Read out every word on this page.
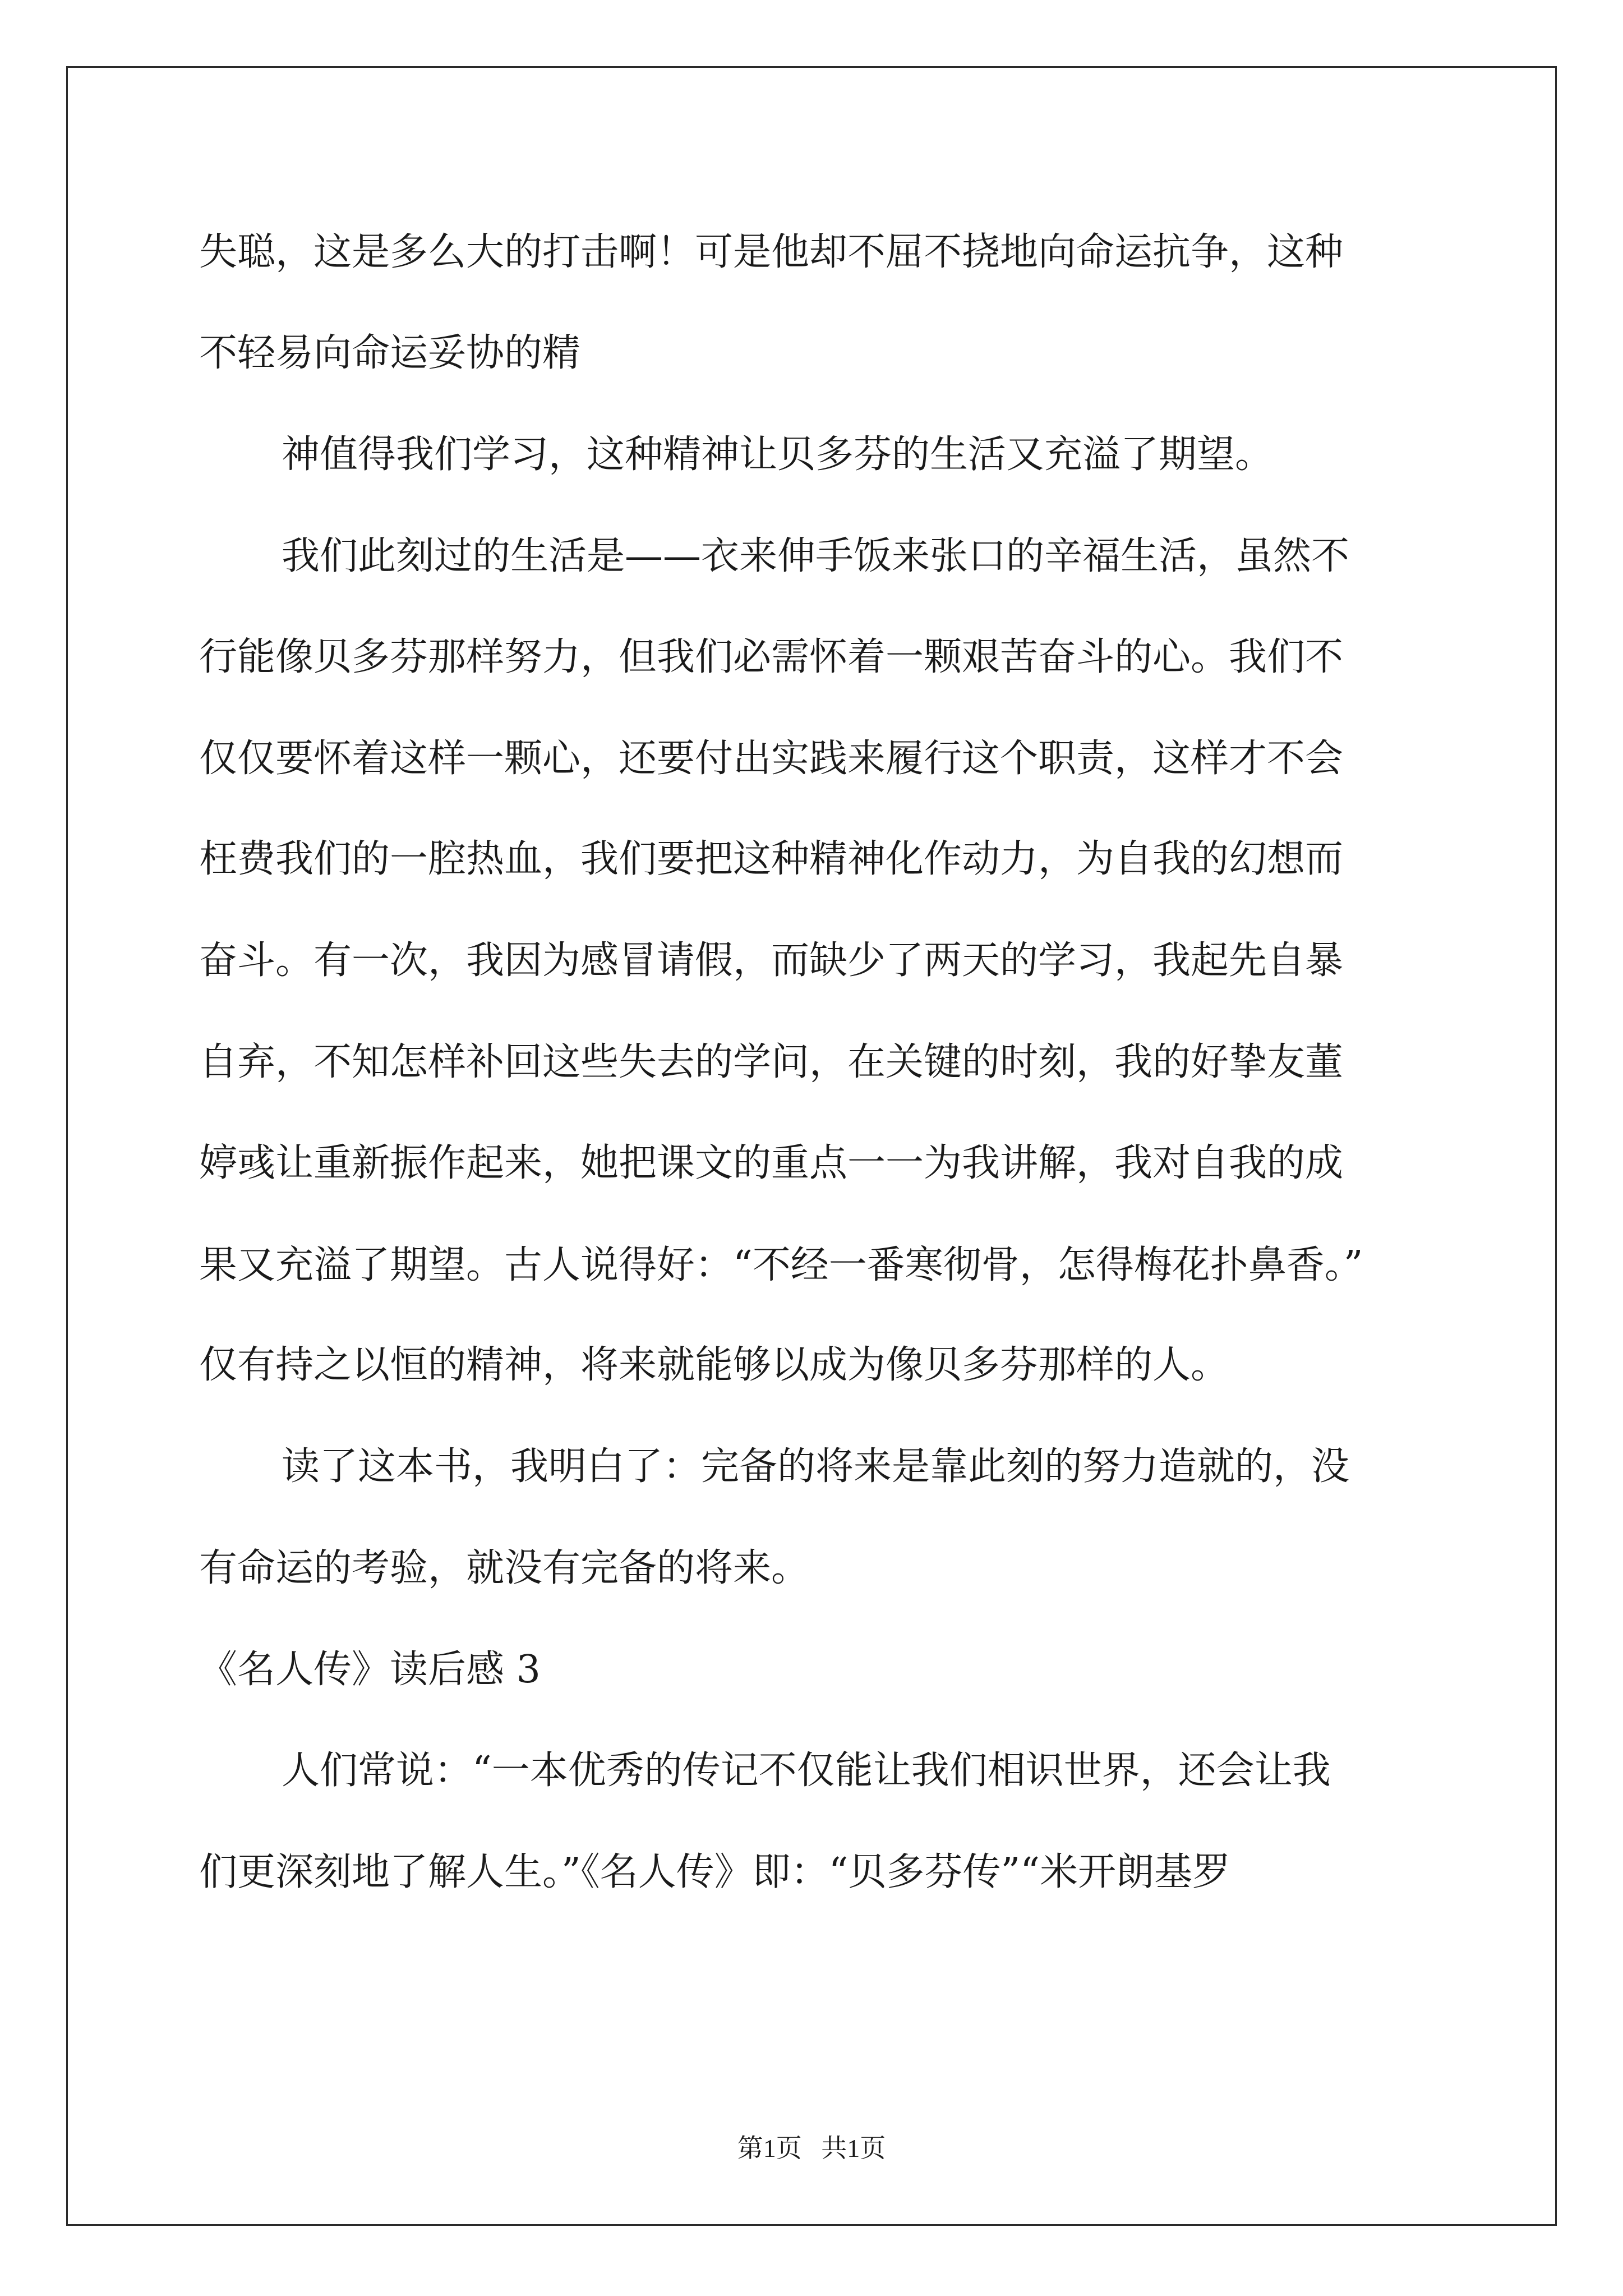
失聪，这是多么大的打击啊！可是他却不屈不挠地向命运抗争，这种
不轻易向命运妥协的精
神值得我们学习，这种精神让贝多芬的生活又充溢了期望。
我们此刻过的生活是——衣来伸手饭来张口的辛福生活，虽然不
行能像贝多芬那样努力，但我们必需怀着一颗艰苦奋斗的心。我们不
仅仅要怀着这样一颗心，还要付出实践来履行这个职责，这样才不会
枉费我们的一腔热血，我们要把这种精神化作动力，为自我的幻想而
奋斗。有一次，我因为感冒请假，而缺少了两天的学习，我起先自暴
自弃，不知怎样补回这些失去的学问，在关键的时刻，我的好挚友董
婷彧让重新振作起来，她把课文的重点一一为我讲解，我对自我的成
果又充溢了期望。古人说得好：“不经一番寒彻骨，怎得梅花扑鼻香。”
仅有持之以恒的精神，将来就能够以成为像贝多芬那样的人。
读了这本书，我明白了：完备的将来是靠此刻的努力造就的，没
有命运的考验，就没有完备的将来。
《名人传》读后感 3
人们常说：“一本优秀的传记不仅能让我们相识世界，还会让我
们更深刻地了解人生。”《名人传》即：“贝多芬传”“米开朗基罗
第1页   共1页
